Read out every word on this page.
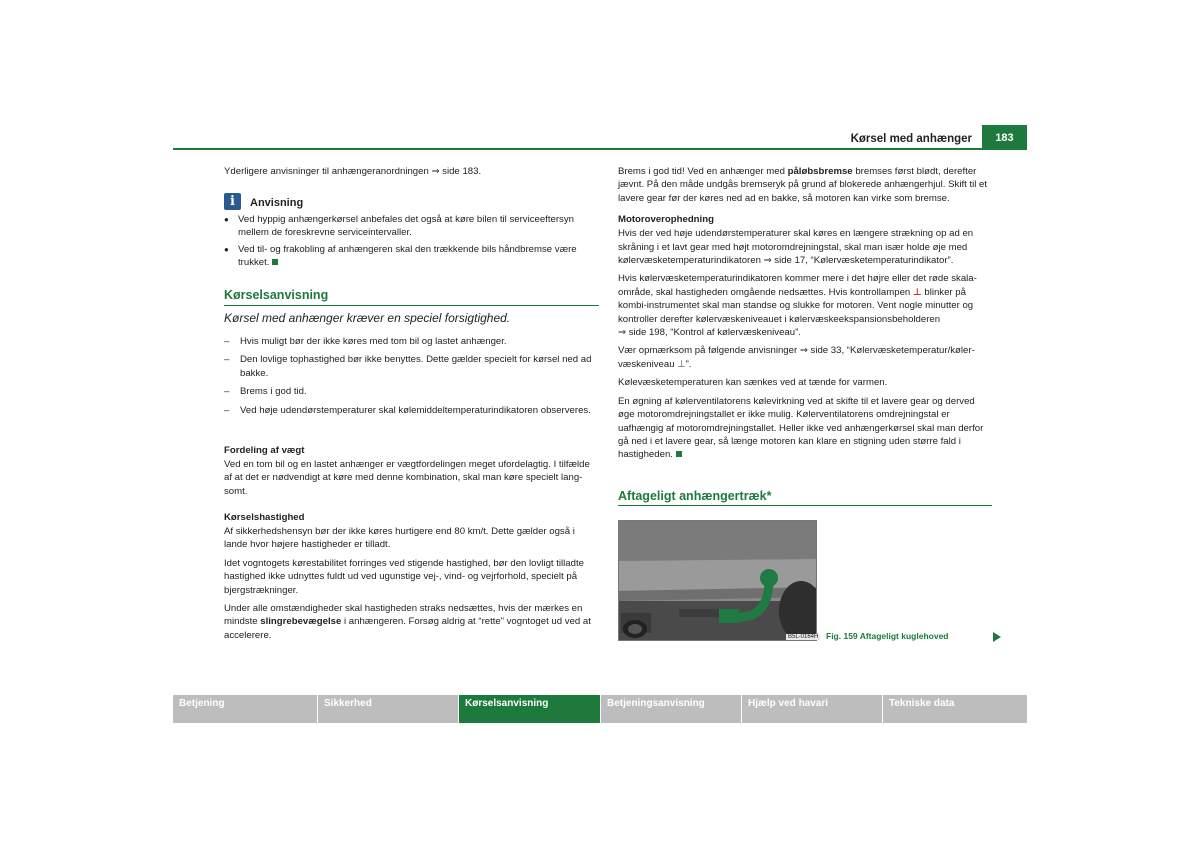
Kørsel med anhænger	183

Yderligere anvisninger til anhængeranordningen ⇒ side 183.

i	Anvisning
● Ved hyppig anhængerkørsel anbefales det også at køre bilen til serviceeftersyn mellem de foreskrevne serviceintervaller.

● Ved til- og frakobling af anhængeren skal den trækkende bils håndbremse være trukket.

Kørselsanvisning
Kørsel med anhænger kræver en speciel forsigtighed.
–	Hvis muligt bør der ikke køres med tom bil og lastet anhænger.

–	Den lovlige tophastighed bør ikke benyttes. Dette gælder specielt for kørsel ned ad bakke.

–	Brems i god tid.

–	Ved høje udendørstemperaturer skal kølemiddeltemperaturindikatoren observeres.

Fordeling af vægt

Ved en tom bil og en lastet anhænger er vægtfordelingen meget ufordelagtig. I tilfælde af at det er nødvendigt at køre med denne kombination, skal man køre specielt langsomt.

Kørselshastighed

Af sikkerhedshensyn bør der ikke køres hurtigere end 80 km/t. Dette gælder også i lande hvor højere hastigheder er tilladt.

Idet vogntogets kørestabilitet forringes ved stigende hastighed, bør den lovligt tilladte hastighed ikke udnyttes fuldt ud ved ugunstige vej-, vind- og vejrforhold, specielt på bjergstrækninger.

Under alle omstændigheder skal hastigheden straks nedsættes, hvis der mærkes en mindste slingrebevægelse i anhængeren. Forsøg aldrig at “rette” vogntoget ud ved at accelerere.

Brems i god tid! Ved en anhænger med påløbsbremse bremses først blødt, derefter jævnt. På den måde undgås bremseryk på grund af blokerede anhængerhjul. Skift til et lavere gear før der køres ned ad en bakke, så motoren kan virke som bremse.

Motoroverophedning

Hvis der ved høje udendørstemperaturer skal køres en længere strækning op ad en skråning i et lavt gear med højt motoromdrejningstal, skal man især holde øje med kølervæsketemperaturindikatoren ⇒ side 17, “Kølervæsketemperaturindikator”.

Hvis kølervæsketemperaturindikatoren kommer mere i det højre eller det røde skalaområde, skal hastigheden omgående nedsættes. Hvis kontrollampen ⊥ blinker på kombi-instrumentet skal man standse og slukke for motoren. Vent nogle minutter og kontroller derefter kølervæskeniveauet i kølervæskeekspansionsbeholderen
⇒ side 198, “Kontrol af kølervæskeniveau”.

Vær opmærksom på følgende anvisninger ⇒ side 33, “Kølervæsketemperatur/kølervæskeniveau ⊥”.

Kølevæsketemperaturen kan sænkes ved at tænde for varmen.

En øgning af kølerventilatorens kølevirkning ved at skifte til et lavere gear og derved øge motoromdrejningstallet er ikke mulig. Kølerventilatorens omdrejningstal er uafhængig af motoromdrejningstallet. Heller ikke ved anhængerkørsel skal man derfor gå ned i et lavere gear, så længe motoren kan klare en stigning uden større fald i hastigheden.

Aftageligt anhængertræk*
B5L-0164H Fig. 159 Aftageligt kuglehoved
Betjening	Sikkerhed	Kørselsanvisning	Betjeningsanvisning	Hjælp ved havari	Tekniske data
